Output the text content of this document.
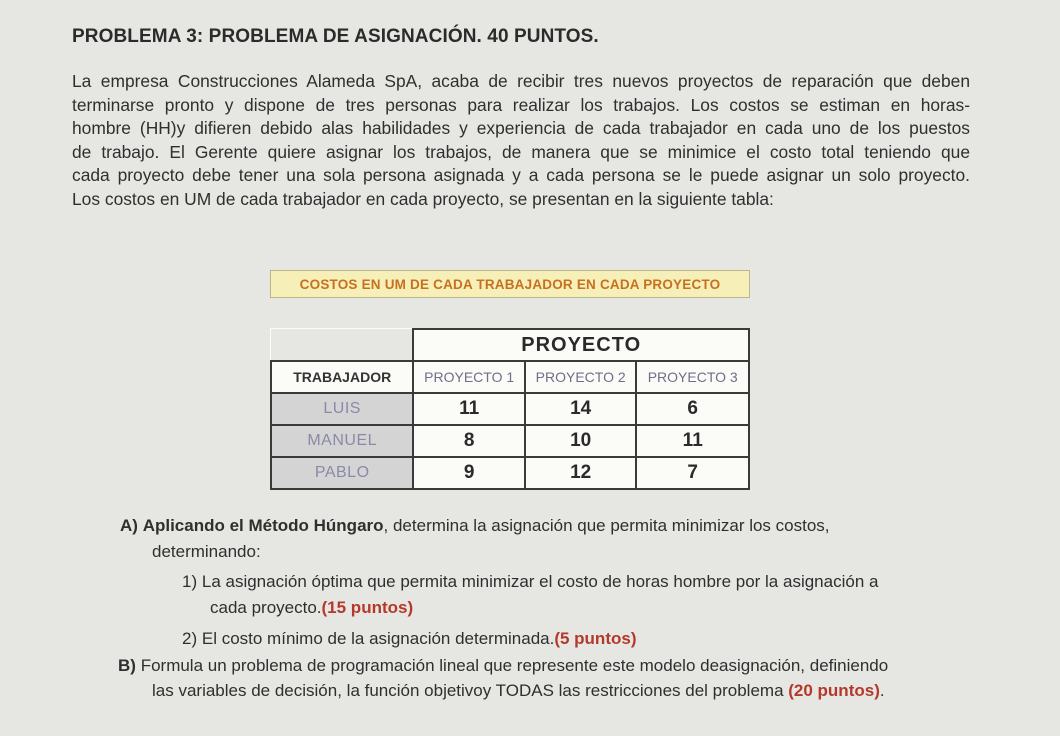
PROBLEMA 3: PROBLEMA DE ASIGNACIÓN. 40 PUNTOS.
La empresa Construcciones Alameda SpA, acaba de recibir tres nuevos proyectos de reparación que deben
terminarse pronto y dispone de tres personas para realizar los trabajos. Los costos se estiman en horas-
hombre (HH)y difieren debido alas habilidades y experiencia de cada trabajador en cada uno de los puestos
de trabajo. El Gerente quiere asignar los trabajos, de manera que se minimice el costo total teniendo que
cada proyecto debe tener una sola persona asignada y a cada persona se le puede asignar un solo proyecto.
Los costos en UM de cada trabajador en cada proyecto, se presentan en la siguiente tabla:
COSTOS EN UM DE CADA TRABAJADOR EN CADA PROYECTO
	PROYECTO		
TRABAJADOR	PROYECTO 1	PROYECTO 2	PROYECTO 3
LUIS	11	14	6
MANUEL	8	10	11
PABLO	9	12	7
A) Aplicando el Método Húngaro, determina la asignación que permita minimizar los costos,
determinando:
1) La asignación óptima que permita minimizar el costo de horas hombre por la asignación a
cada proyecto.(15 puntos)
2) El costo mínimo de la asignación determinada.(5 puntos)
B) Formula un problema de programación lineal que represente este modelo deasignación, definiendo
las variables de decisión, la función objetivoy TODAS las restricciones del problema (20 puntos).
